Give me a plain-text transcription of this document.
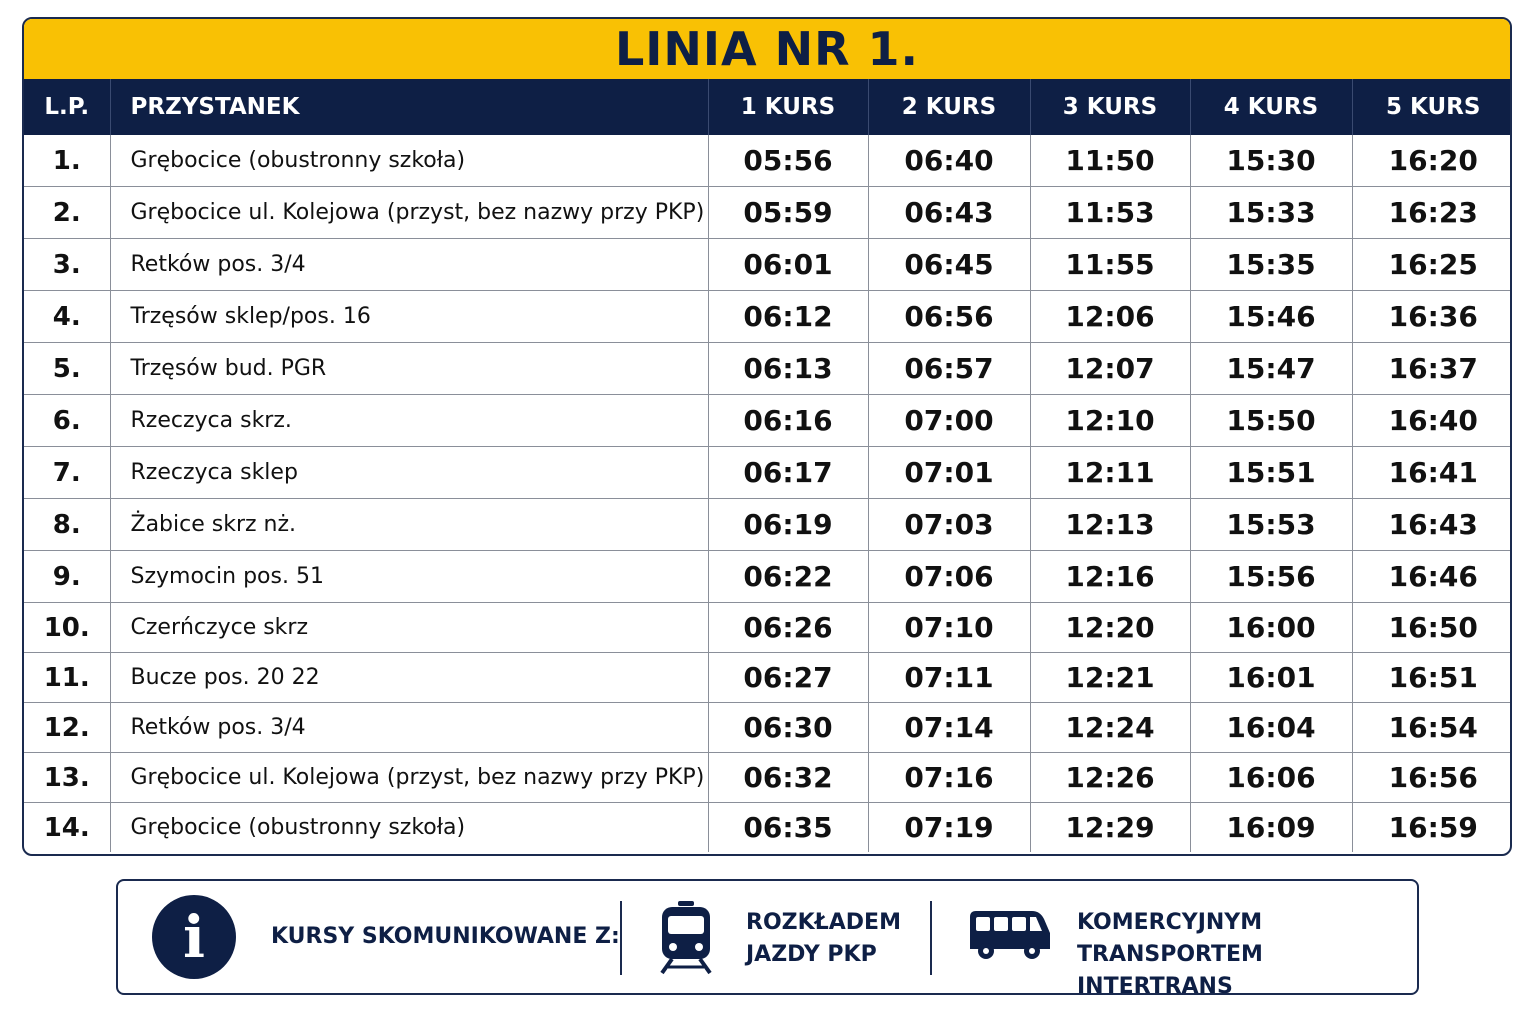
LINIA NR 1.
L.P.	PRZYSTANEK	1 KURS	2 KURS	3 KURS	4 KURS	5 KURS
1.	Grębocice (obustronny szkoła)	05:56	06:40	11:50	15:30	16:20
2.	Grębocice ul. Kolejowa (przyst, bez nazwy przy PKP)	05:59	06:43	11:53	15:33	16:23
3.	Retków pos. 3/4	06:01	06:45	11:55	15:35	16:25
4.	Trzęsów sklep/pos. 16	06:12	06:56	12:06	15:46	16:36
5.	Trzęsów bud. PGR	06:13	06:57	12:07	15:47	16:37
6.	Rzeczyca skrz.	06:16	07:00	12:10	15:50	16:40
7.	Rzeczyca sklep	06:17	07:01	12:11	15:51	16:41
8.	Żabice skrz nż.	06:19	07:03	12:13	15:53	16:43
9.	Szymocin pos. 51	06:22	07:06	12:16	15:56	16:46
10.	Czerńczyce skrz	06:26	07:10	12:20	16:00	16:50
11.	Bucze pos. 20 22	06:27	07:11	12:21	16:01	16:51
12.	Retków pos. 3/4	06:30	07:14	12:24	16:04	16:54
13.	Grębocice ul. Kolejowa (przyst, bez nazwy przy PKP)	06:32	07:16	12:26	16:06	16:56
14.	Grębocice (obustronny szkoła)	06:35	07:19	12:29	16:09	16:59
i	KURSY SKOMUNIKOWANE Z:
ROZKŁADEM
JAZDY PKP
KOMERCYJNYM
TRANSPORTEM INTERTRANS
